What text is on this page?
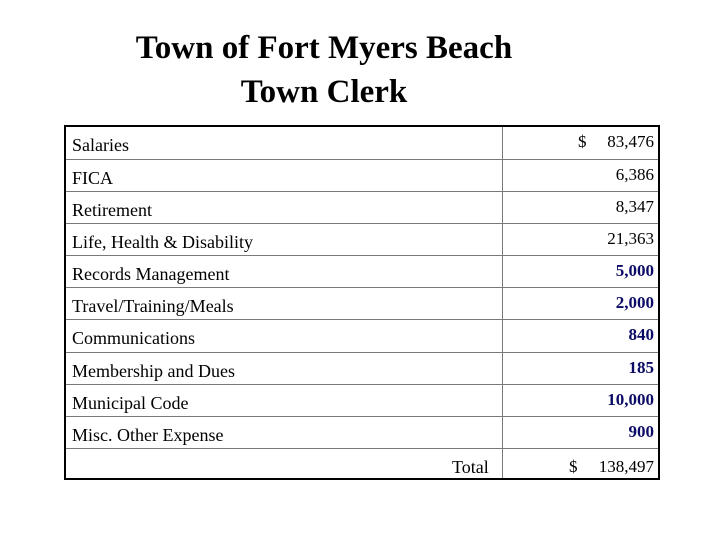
Town of Fort Myers Beach
Town Clerk
Salaries	$ 83,476
FICA	6,386
Retirement	8,347
Life, Health & Disability	21,363
Records Management	5,000
Travel/Training/Meals	2,000
Communications	840
Membership and Dues	185
Municipal Code	10,000
Misc. Other Expense	900
Total	$ 138,497
